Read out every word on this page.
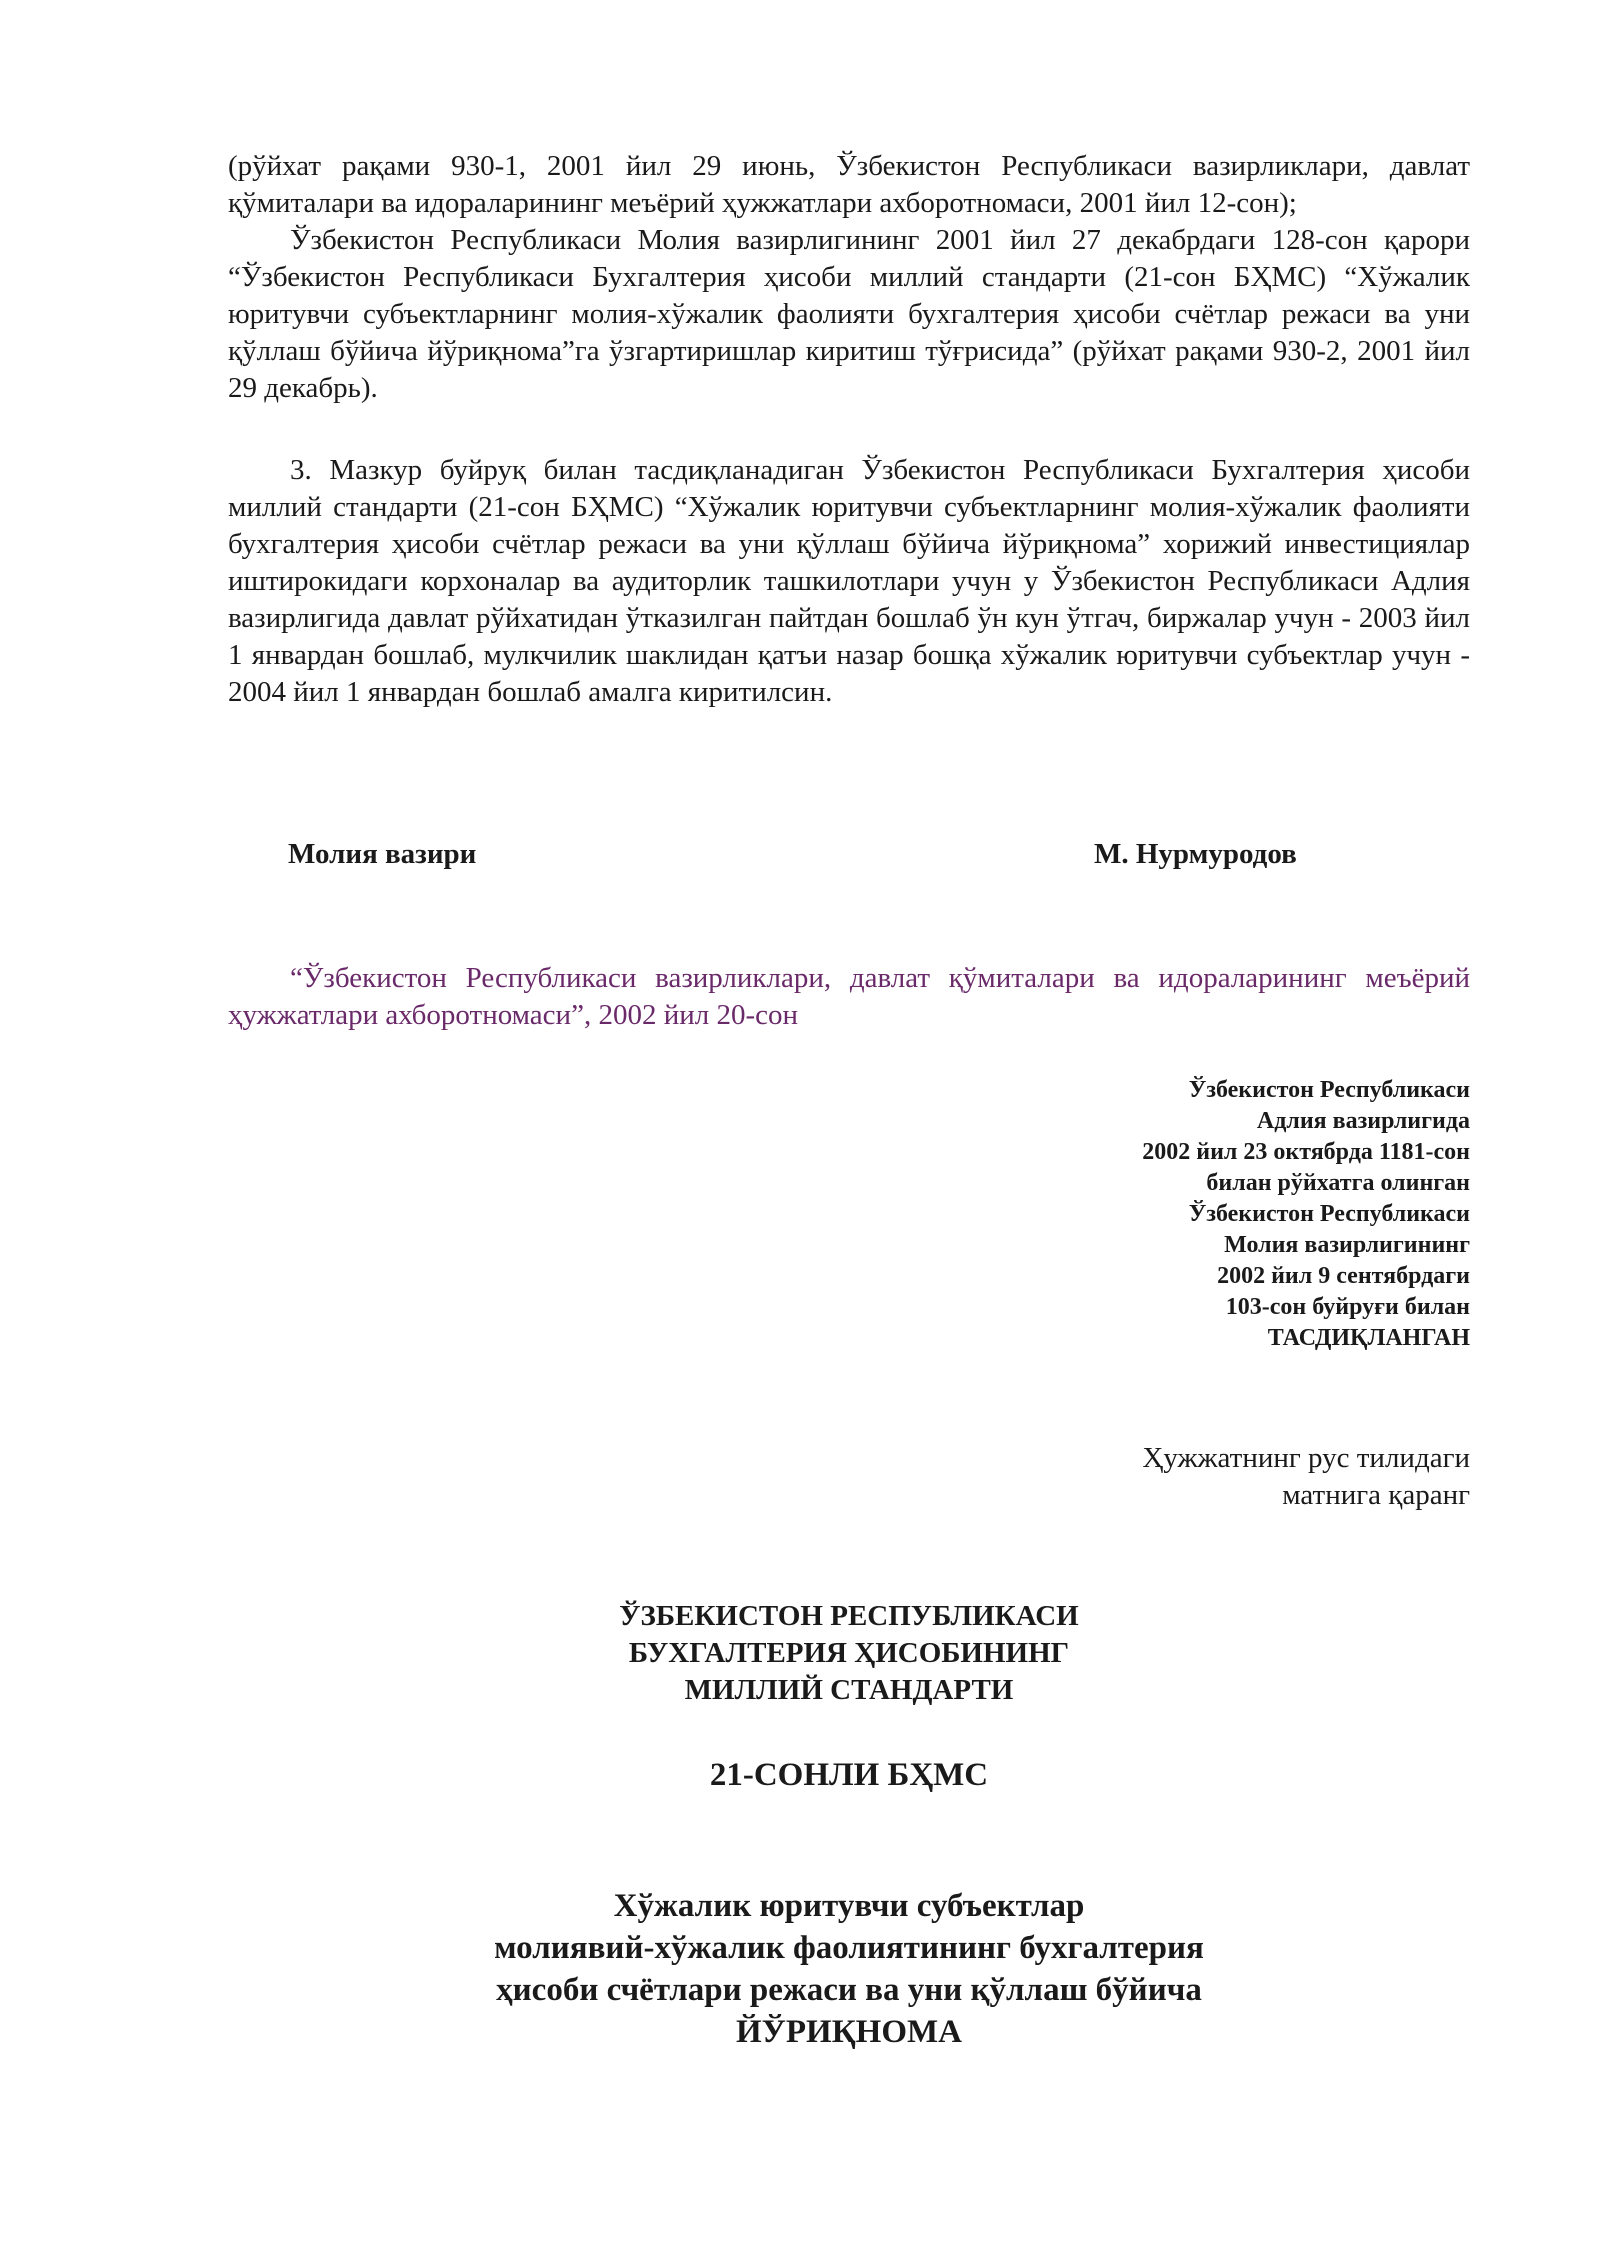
(рўйхат рақами 930-1, 2001 йил 29 июнь, Ўзбекистон Республикаси вазирликлари, давлат қўмиталари ва идораларининг меъёрий ҳужжатлари ахборотномаси, 2001 йил 12-сон);

Ўзбекистон Республикаси Молия вазирлигининг 2001 йил 27 декабрдаги 128-сон қарори “Ўзбекистон Республикаси Бухгалтерия ҳисоби миллий стандарти (21-сон БҲМС) “Хўжалик юритувчи субъектларнинг молия-хўжалик фаолияти бухгалтерия ҳисоби счётлар режаси ва уни қўллаш бўйича йўриқнома”га ўзгартиришлар киритиш тўғрисида” (рўйхат рақами 930-2, 2001 йил 29 декабрь).

3. Мазкур буйруқ билан тасдиқланадиган Ўзбекистон Республикаси Бухгалтерия ҳисоби миллий стандарти (21-сон БҲМС) “Хўжалик юритувчи субъектларнинг молия-хўжалик фаолияти бухгалтерия ҳисоби счётлар режаси ва уни қўллаш бўйича йўриқнома” хорижий инвестициялар иштирокидаги корхоналар ва аудиторлик ташкилотлари учун у Ўзбекистон Республикаси Адлия вазирлигида давлат рўйхатидан ўтказилган пайтдан бошлаб ўн кун ўтгач, биржалар учун - 2003 йил 1 январдан бошлаб, мулкчилик шаклидан қатъи назар бошқа хўжалик юритувчи субъектлар учун - 2004 йил 1 январдан бошлаб амалга киритилсин.

Молия вазири	М. Нурмуродов
“Ўзбекистон Республикаси вазирликлари, давлат қўмиталари ва идораларининг меъёрий ҳужжатлари ахборотномаси”, 2002 йил 20-сон
Ўзбекистон Республикаси
Адлия вазирлигида
2002 йил 23 октябрда 1181-сон
билан рўйхатга олинган
Ўзбекистон Республикаси
Молия вазирлигининг
2002 йил 9 сентябрдаги
103-сон буйруғи билан
ТАСДИҚЛАНГАН
Ҳужжатнинг рус тилидаги
матнига қаранг
ЎЗБЕКИСТОН РЕСПУБЛИКАСИ
БУХГАЛТЕРИЯ ҲИСОБИНИНГ
МИЛЛИЙ СТАНДАРТИ
21-СОНЛИ БҲМС
Хўжалик юритувчи субъектлар
молиявий-хўжалик фаолиятининг бухгалтерия
ҳисоби счётлари режаси ва уни қўллаш бўйича
ЙЎРИҚНОМА
